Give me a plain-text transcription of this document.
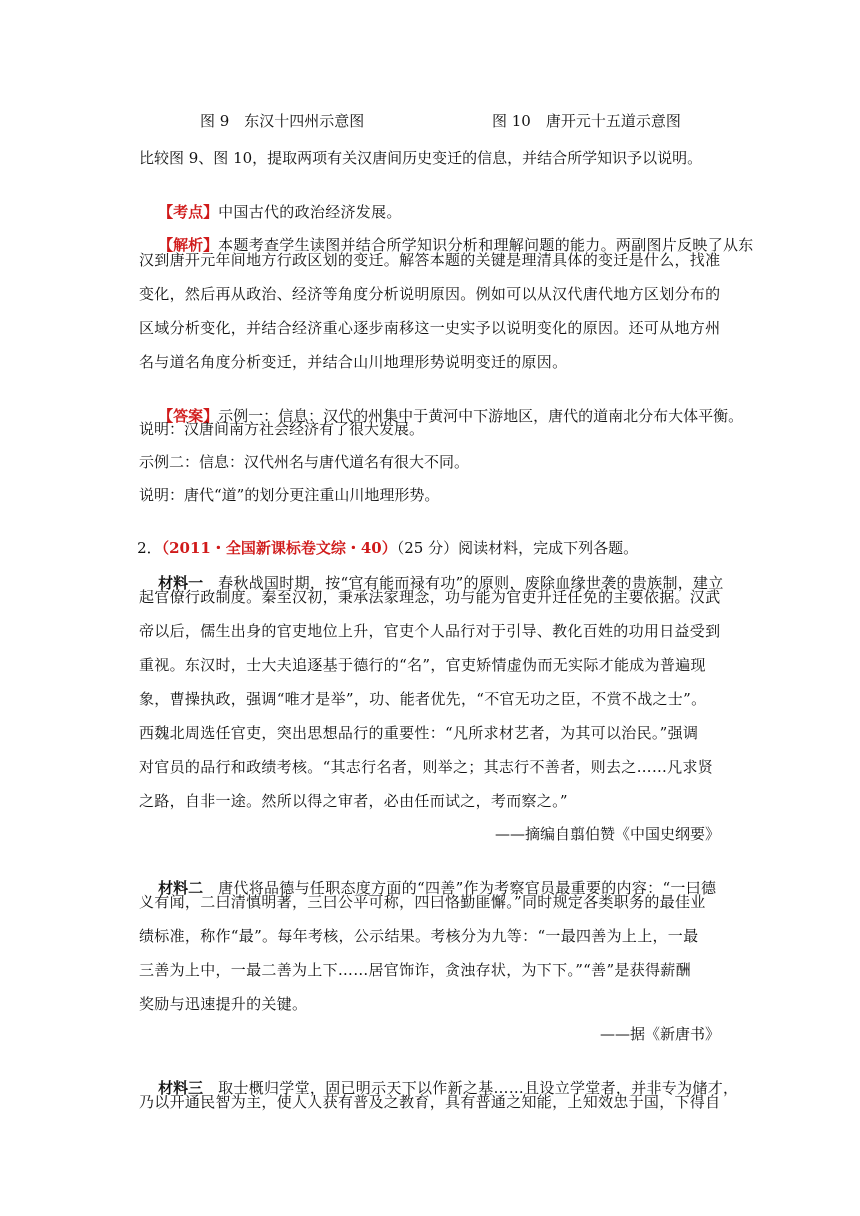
图 9　东汉十四州示意图	图 10　唐开元十五道示意图
比较图 9、图 10，提取两项有关汉唐间历史变迁的信息，并结合所学知识予以说明。

【考点】中国古代的政治经济发展。

【解析】本题考查学生读图并结合所学知识分析和理解问题的能力。两副图片反映了从东

汉到唐开元年间地方行政区划的变迁。解答本题的关键是理清具体的变迁是什么，找准
变化，然后再从政治、经济等角度分析说明原因。例如可以从汉代唐代地方区划分布的
区域分析变化，并结合经济重心逐步南移这一史实予以说明变化的原因。还可从地方州
名与道名角度分析变迁，并结合山川地理形势说明变迁的原因。

【答案】示例一：信息：汉代的州集中于黄河中下游地区，唐代的道南北分布大体平衡。

说明：汉唐间南方社会经济有了很大发展。
示例二：信息：汉代州名与唐代道名有很大不同。
说明：唐代“道”的划分更注重山川地理形势。

2．（2011・全国新课标卷文综・40）（25 分）阅读材料，完成下列各题。

材料一　 春秋战国时期，按“官有能而禄有功”的原则，废除血缘世袭的贵族制，建立

起官僚行政制度。秦至汉初，秉承法家理念，功与能为官吏升迁任免的主要依据。汉武
帝以后，儒生出身的官吏地位上升，官吏个人品行对于引导、教化百姓的功用日益受到
重视。东汉时，士大夫追逐基于德行的“名”，官吏矫情虚伪而无实际才能成为普遍现
象，曹操执政，强调“唯才是举”，功、能者优先，“不官无功之臣，不赏不战之士”。
西魏北周选任官吏，突出思想品行的重要性：“凡所求材艺者，为其可以治民。”强调
对官员的品行和政绩考核。“其志行名者，则举之；其志行不善者，则去之……凡求贤
之路，自非一途。然所以得之审者，必由任而试之，考而察之。”
——摘编自翦伯赞《中国史纲要》

材料二　 唐代将品德与任职态度方面的“四善”作为考察官员最重要的内容：“一曰德

义有闻，二曰清慎明著，三曰公平可称，四曰恪勤匪懈。”同时规定各类职务的最佳业
绩标准，称作“最”。每年考核，公示结果。考核分为九等：“一最四善为上上，一最
三善为上中，一最二善为上下……居官饰诈，贪浊存状，为下下。”“善”是获得薪酬
奖励与迅速提升的关键。
——据《新唐书》

材料三　 取士概归学堂，固已明示天下以作新之基……且设立学堂者，并非专为储才，

乃以开通民智为主，使人人获有普及之教育，具有普通之知能，上知效忠于国，下得自
